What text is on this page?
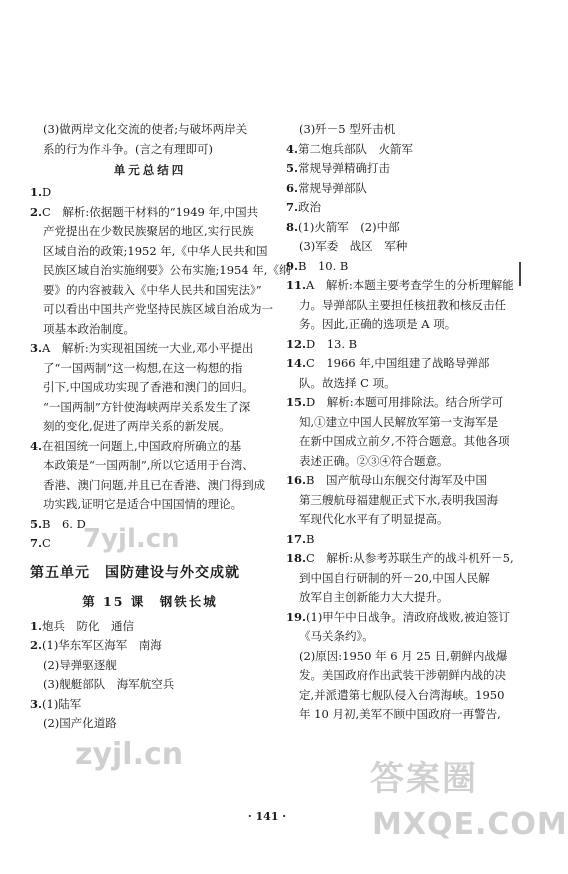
(3)做两岸文化交流的使者;与破坏两岸关
系的行为作斗争。(言之有理即可)
单元总结四
1.D
2.C　解析:依据题干材料的“1949 年,中国共
产党提出在少数民族聚居的地区,实行民族
区域自治的政策;1952 年,《中华人民共和国
民族区域自治实施纲要》公布实施;1954 年,《纲
要》的内容被载入《中华人民共和国宪法》”
可以看出中国共产党坚持民族区域自治成为一
项基本政治制度。
3.A　解析:为实现祖国统一大业,邓小平提出
了“一国两制”这一构想,在这一构想的指
引下,中国成功实现了香港和澳门的回归。
“一国两制”方针使海峡两岸关系发生了深
刻的变化,促进了两岸关系的新发展。
4.在祖国统一问题上,中国政府所确立的基
本政策是“一国两制”,所以它适用于台湾、
香港、澳门问题,并且已在香港、澳门得到成
功实践,证明它是适合中国国情的理论。
5.B　6. D
7.C
第五单元　国防建设与外交成就
第 15 课　钢铁长城
1.炮兵　防化　通信
2.(1)华东军区海军　南海
(2)导弹驱逐舰
(3)舰艇部队　海军航空兵
3.(1)陆军
(2)国产化道路
(3)歼－5 型歼击机
4.第二炮兵部队　火箭军
5.常规导弹精确打击
6.常规导弹部队
7.政治
8.(1)火箭军　(2)中部
(3)军委　战区　军种
9.B　10. B
11.A　解析:本题主要考查学生的分析理解能
力。导弹部队主要担任核扭教和核反击任
务。因此,正确的选项是 A 项。
12.D　13. B
14.C　1966 年,中国组建了战略导弹部
队。故选择 C 项。
15.D　解析:本题可用排除法。结合所学可
知,①建立中国人民解放军第一支海军是
在新中国成立前夕,不符合题意。其他各项
表述正确。②③④符合题意。
16.B　国产航母山东舰交付海军及中国
第三艘航母福建舰正式下水,表明我国海
军现代化水平有了明显提高。
17.B
18.C　解析:从参考苏联生产的战斗机歼－5,
到中国自行研制的歼－20,中国人民解
放军自主创新能力大大提升。
19.(1)甲午中日战争。清政府战败,被迫签订
《马关条约》。
(2)原因:1950 年 6 月 25 日,朝鲜内战爆
发。美国政府作出武装干涉朝鲜内战的决
定,并派遣第七舰队侵入台湾海峡。1950
年 10 月初,美军不顾中国政府一再警告,
· 141 ·
7yjl.cn
zyjl.cn
答案圈
MXQE.COM
